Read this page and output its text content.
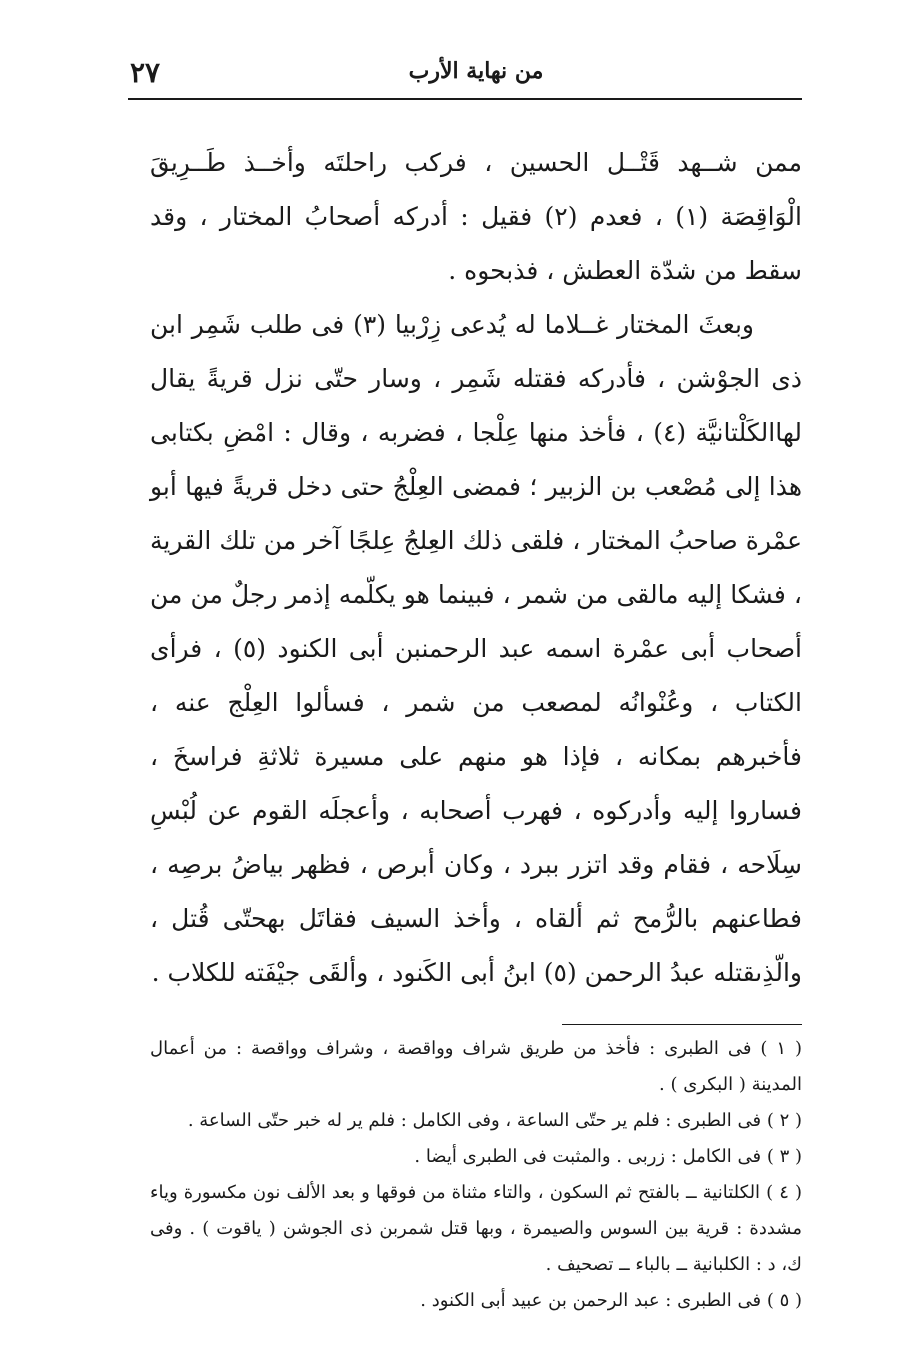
من نهاية الأرب
٢٧

ممن شــهد قَتْــل الحسين ، فركب راحلتَه وأخــذ طَــرِيقَ الْوَاقِصَة (١) ، فعدم (٢) فقيل : أدركه أصحابُ المختار ، وقد سقط من شدّة العطش ، فذبحوه .

وبعثَ المختار غــلاما له يُدعى زِرْبيا (٣) فى طلب شَمِر ابن ذى الجوْشن ، فأدركه فقتله شَمِر ، وسار حتّى نزل قريةً يقال لهاالكَلْتانيَّة (٤) ، فأخذ منها عِلْجا ، فضربه ، وقال : امْضِ بكتابى هذا إلى مُصْعب بن الزبير ؛ فمضى العِلْجُ حتى دخل قريةً فيها أبو عمْرة صاحبُ المختار ، فلقى ذلك العِلجُ عِلجًا آخر من تلك القرية ، فشكا إليه مالقى من شمر ، فبينما هو يكلّمه إذمر رجلٌ من من أصحاب أبى عمْرة اسمه عبد الرحمنبن أبى الكنود (٥) ، فرأى الكتاب ، وعُنْوانُه لمصعب من شمر ، فسألوا العِلْج عنه ، فأخبرهم بمكانه ، فإذا هو منهم على مسيرة ثلاثةِ فراسخَ ، فساروا إليه وأدركوه ، فهرب أصحابه ، وأعجلَه القوم عن لُبْسِ سِلَاحه ، فقام وقد اتزر ببرد ، وكان أبرص ، فظهر بياضُ برصِه ، فطاعنهم بالرُّمح ثم ألقاه ، وأخذ السيف فقاتَل بهحتّى قُتل ، والّذِىقتله عبدُ الرحمن (٥) ابنُ أبى الكَنود ، وألقَى جيْفَته للكلاب .

( ١ ) فى الطبرى : فأخذ من طريق شراف وواقصة ، وشراف وواقصة : من أعمال المدينة ( البكرى ) .

( ٢ ) فى الطبرى : فلم ير حتّى الساعة ، وفى الكامل : فلم ير له خبر حتّى الساعة .

( ٣ ) فى الكامل : زربى . والمثبت فى الطبرى أيضا .

( ٤ ) الكلتانية ــ بالفتح ثم السكون ، والتاء مثناة من فوقها و بعد الألف نون مكسورة وياء مشددة : قرية بين السوس والصيمرة ، وبها قتل شمربن ذى الجوشن ( ياقوت ) . وفى ك، د : الكلبانية ــ بالباء ــ تصحيف .

( ٥ ) فى الطبرى : عبد الرحمن بن عبيد أبى الكنود .
